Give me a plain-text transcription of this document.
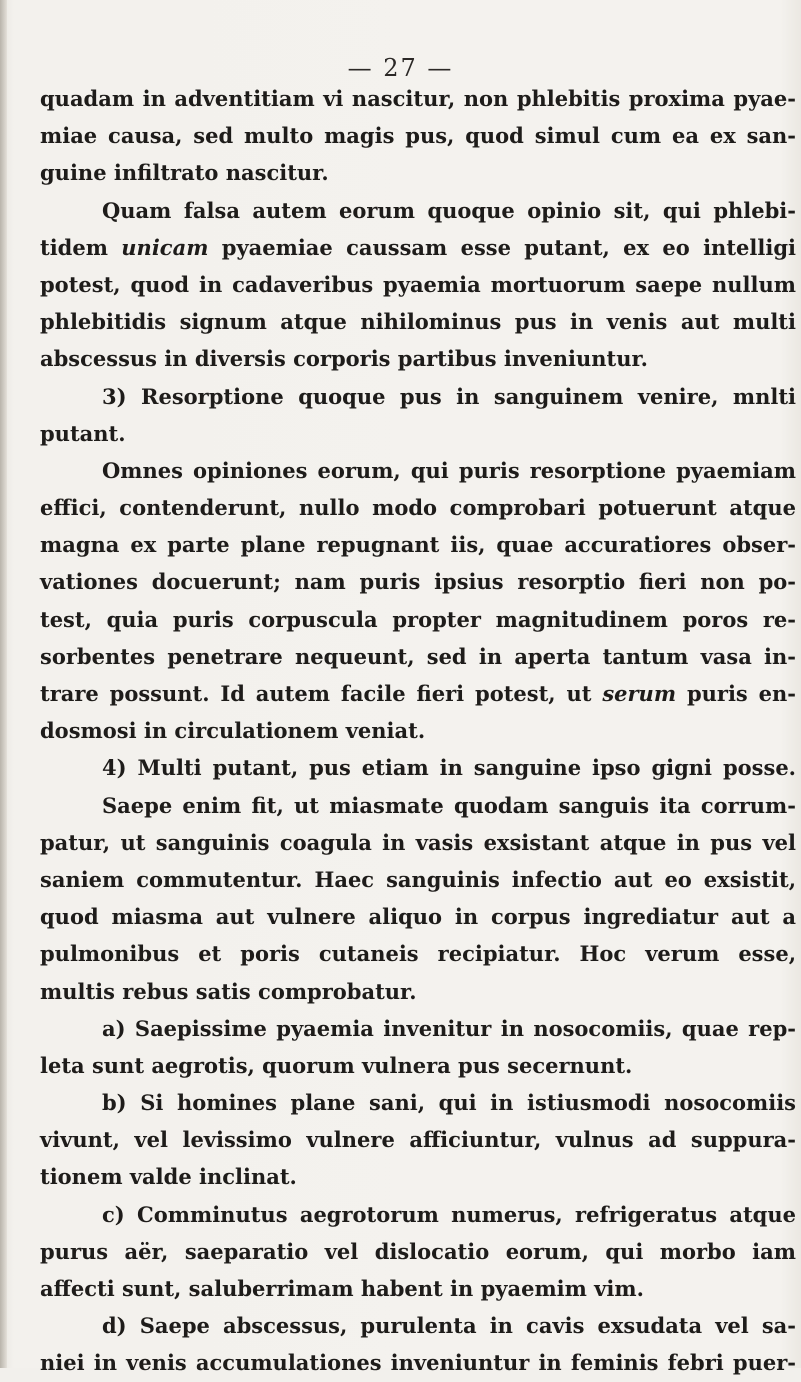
— 27 —
quadam in adventitiam vi nascitur, non phlebitis proxima pyae-
miae causa, sed multo magis pus, quod simul cum ea ex san-
guine infiltrato nascitur.
Quam falsa autem eorum quoque opinio sit, qui phlebi-
tidem unicam pyaemiae caussam esse putant, ex eo intelligi
potest, quod in cadaveribus pyaemia mortuorum saepe nullum
phlebitidis signum atque nihilominus pus in venis aut multi
abscessus in diversis corporis partibus inveniuntur.
3) Resorptione quoque pus in sanguinem venire, mnlti
putant.
Omnes opiniones eorum, qui puris resorptione pyaemiam
effici, contenderunt, nullo modo comprobari potuerunt atque
magna ex parte plane repugnant iis, quae accuratiores obser-
vationes docuerunt; nam puris ipsius resorptio fieri non po-
test, quia puris corpuscula propter magnitudinem poros re-
sorbentes penetrare nequeunt, sed in aperta tantum vasa in-
trare possunt. Id autem facile fieri potest, ut serum puris en-
dosmosi in circulationem veniat.
4) Multi putant, pus etiam in sanguine ipso gigni posse.
Saepe enim fit, ut miasmate quodam sanguis ita corrum-
patur, ut sanguinis coagula in vasis exsistant atque in pus vel
saniem commutentur. Haec sanguinis infectio aut eo exsistit,
quod miasma aut vulnere aliquo in corpus ingrediatur aut a
pulmonibus et poris cutaneis recipiatur. Hoc verum esse,
multis rebus satis comprobatur.
a) Saepissime pyaemia invenitur in nosocomiis, quae rep-
leta sunt aegrotis, quorum vulnera pus secernunt.
b) Si homines plane sani, qui in istiusmodi nosocomiis
vivunt, vel levissimo vulnere afficiuntur, vulnus ad suppura-
tionem valde inclinat.
c) Comminutus aegrotorum numerus, refrigeratus atque
purus aër, saeparatio vel dislocatio eorum, qui morbo iam
affecti sunt, saluberrimam habent in pyaemim vim.
d) Saepe abscessus, purulenta in cavis exsudata vel sa-
niei in venis accumulationes inveniuntur in feminis febri puer-
